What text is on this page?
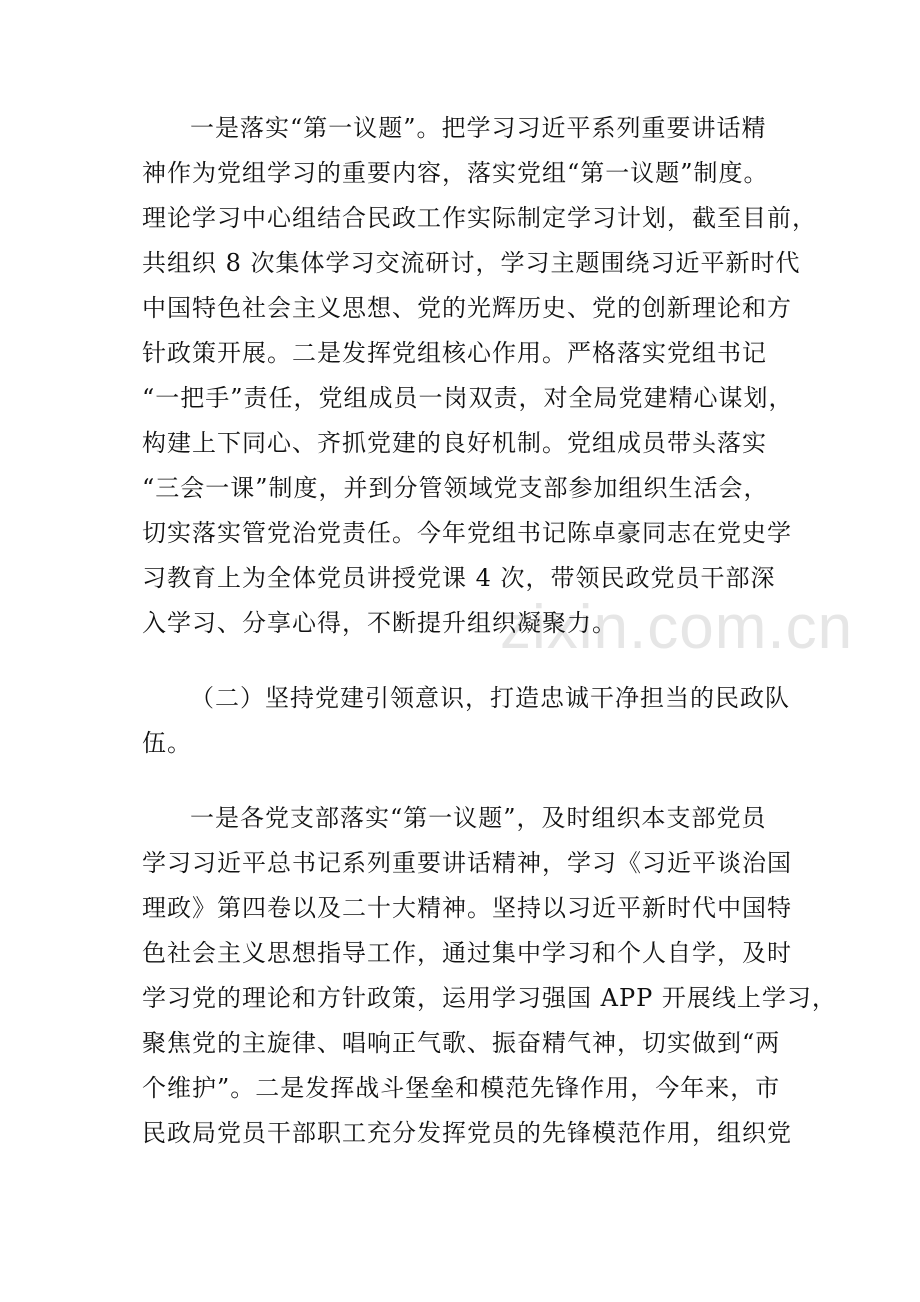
zixin.com.cn
一是落实“第一议题”。把学习习近平系列重要讲话精
神作为党组学习的重要内容，落实党组“第一议题”制度。
理论学习中心组结合民政工作实际制定学习计划，截至目前，
共组织 8 次集体学习交流研讨，学习主题围绕习近平新时代
中国特色社会主义思想、党的光辉历史、党的创新理论和方
针政策开展。二是发挥党组核心作用。严格落实党组书记
“一把手”责任，党组成员一岗双责，对全局党建精心谋划，
构建上下同心、齐抓党建的良好机制。党组成员带头落实
“三会一课”制度，并到分管领域党支部参加组织生活会，
切实落实管党治党责任。今年党组书记陈卓豪同志在党史学
习教育上为全体党员讲授党课 4 次，带领民政党员干部深
入学习、分享心得，不断提升组织凝聚力。
（二）坚持党建引领意识，打造忠诚干净担当的民政队
伍。
一是各党支部落实“第一议题”，及时组织本支部党员
学习习近平总书记系列重要讲话精神，学习《习近平谈治国
理政》第四卷以及二十大精神。坚持以习近平新时代中国特
色社会主义思想指导工作，通过集中学习和个人自学，及时
学习党的理论和方针政策，运用学习强国 APP 开展线上学习，
聚焦党的主旋律、唱响正气歌、振奋精气神，切实做到“两
个维护”。二是发挥战斗堡垒和模范先锋作用，今年来，市
民政局党员干部职工充分发挥党员的先锋模范作用，组织党
